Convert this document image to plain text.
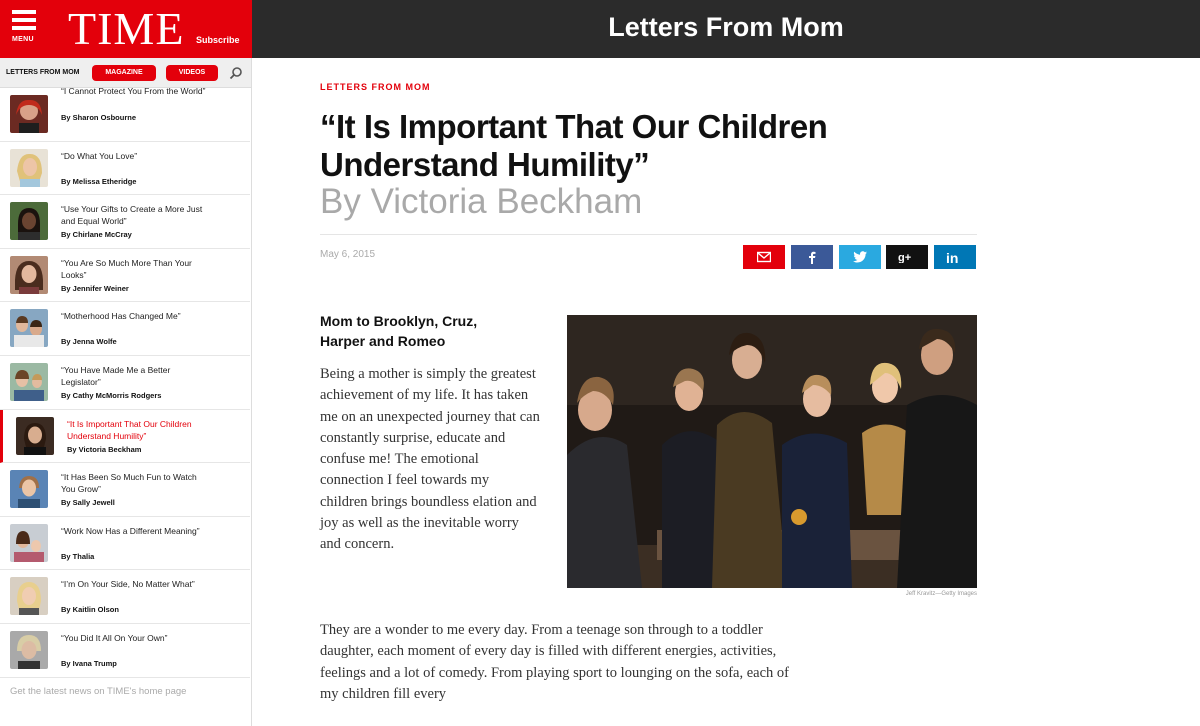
MENU TIME Subscribe	Letters From Mom
LETTERS FROM MOM	MAGAZINE	VIDEOS
“I Cannot Protect You From the World”
By Sharon Osbourne
“Do What You Love”
By Melissa Etheridge
“Use Your Gifts to Create a More Just and Equal World”
By Chirlane McCray
“You Are So Much More Than Your Looks”
By Jennifer Weiner
“Motherhood Has Changed Me”
By Jenna Wolfe
“You Have Made Me a Better Legislator”
By Cathy McMorris Rodgers
“It Is Important That Our Children Understand Humility”
By Victoria Beckham
“It Has Been So Much Fun to Watch You Grow”
By Sally Jewell
“Work Now Has a Different Meaning”
By Thalia
“I’m On Your Side, No Matter What”
By Kaitlin Olson
“You Did It All On Your Own”
By Ivana Trump
Get the latest news on TIME's home page
LETTERS FROM MOM
“It Is Important That Our Children Understand Humility”
By Victoria Beckham
May 6, 2015	g+ in
Mom to Brooklyn, Cruz, Harper and Romeo

Being a mother is simply the greatest achievement of my life. It has taken me on an unexpected journey that can constantly surprise, educate and confuse me! The emotional connection I feel towards my children brings boundless elation and joy as well as the inevitable worry and concern.

Jeff Kravitz—Getty Images

They are a wonder to me every day. From a teenage son through to a toddler daughter, each moment of every day is filled with different energies, activities, feelings and a lot of comedy. From playing sport to lounging on the sofa, each of my children fill every
